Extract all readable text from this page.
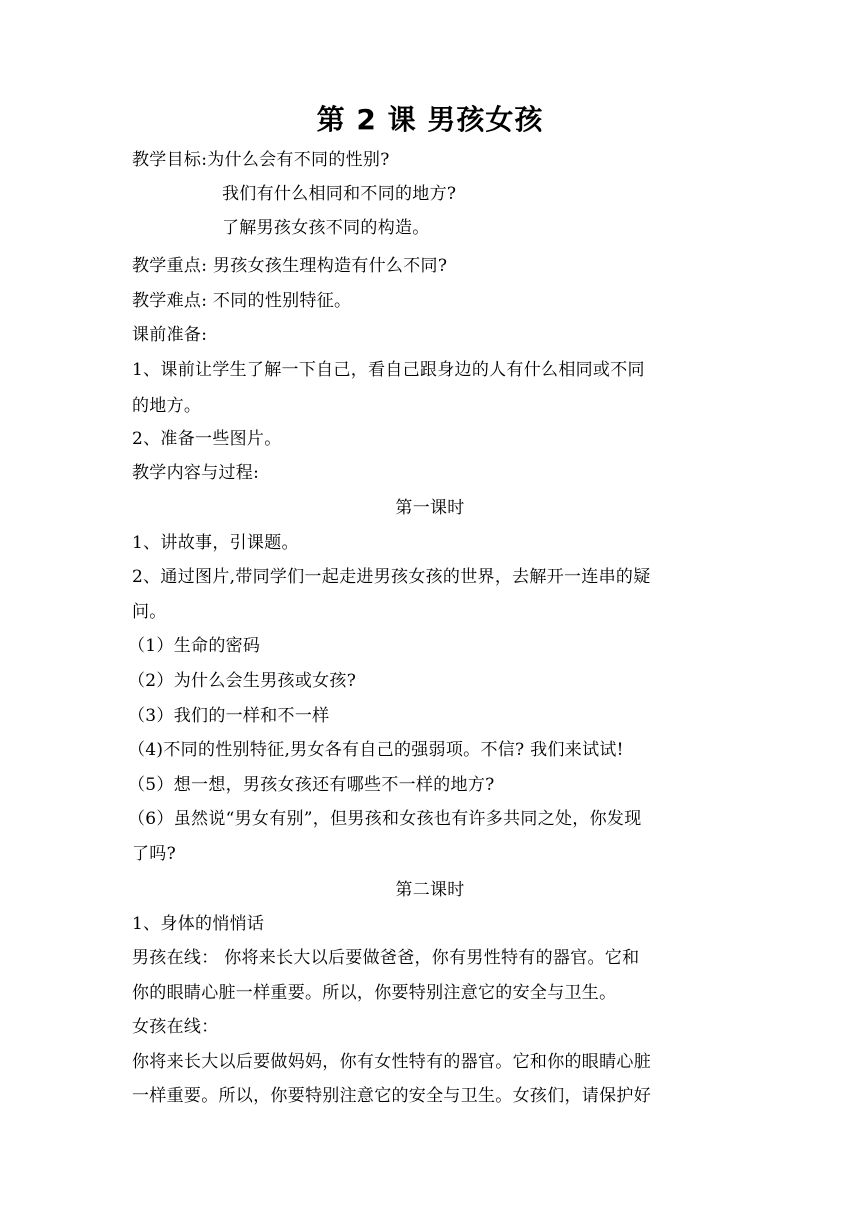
第 2 课 男孩女孩
教学目标:为什么会有不同的性别?
我们有什么相同和不同的地方?
了解男孩女孩不同的构造。
教学重点: 男孩女孩生理构造有什么不同?
教学难点: 不同的性别特征。
课前准备:
1、课前让学生了解一下自己，看自己跟身边的人有什么相同或不同
的地方。
2、准备一些图片。
教学内容与过程:
第一课时
1、讲故事，引课题。
2、通过图片,带同学们一起走进男孩女孩的世界，去解开一连串的疑
问。
（1）生命的密码
（2）为什么会生男孩或女孩?
（3）我们的一样和不一样
（4)不同的性别特征,男女各有自己的强弱项。不信? 我们来试试!
（5）想一想，男孩女孩还有哪些不一样的地方?
（6）虽然说“男女有别”，但男孩和女孩也有许多共同之处，你发现
了吗?
第二课时
1、身体的悄悄话
男孩在线： 你将来长大以后要做爸爸，你有男性特有的器官。它和
你的眼睛心脏一样重要。所以，你要特别注意它的安全与卫生。
女孩在线：
你将来长大以后要做妈妈，你有女性特有的器官。它和你的眼睛心脏
一样重要。所以，你要特别注意它的安全与卫生。女孩们，请保护好
